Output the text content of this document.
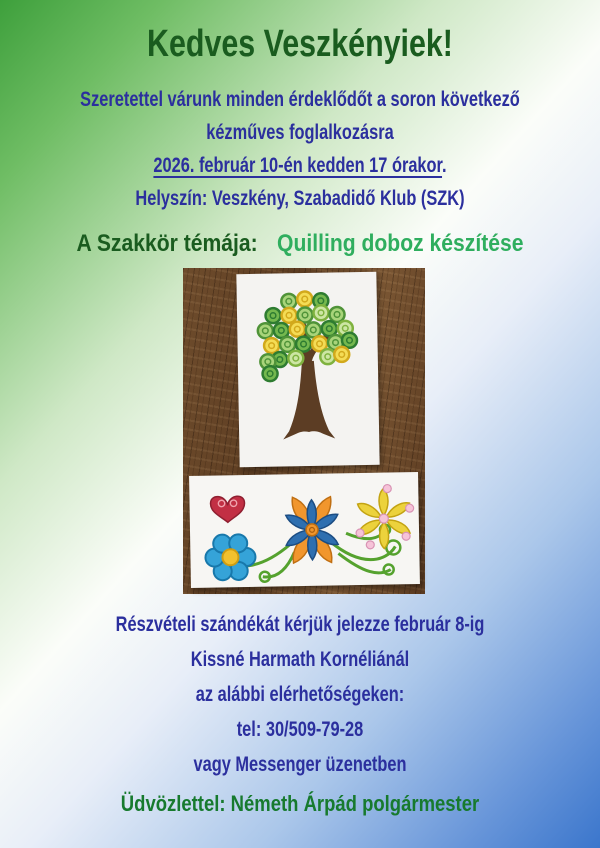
Kedves Veszkényiek!

Szeretettel várunk minden érdeklődőt a soron következő

kézműves foglalkozásra

2026. február 10-én kedden 17 órakor.

Helyszín: Veszkény, Szabadidő Klub (SZK)

A Szakkör témája: Quilling doboz készítése

Részvételi szándékát kérjük jelezze február 8-ig

Kissné Harmath Kornéliánál

az alábbi elérhetőségeken:

tel: 30/509-79-28

vagy Messenger üzenetben

Üdvözlettel: Németh Árpád polgármester
